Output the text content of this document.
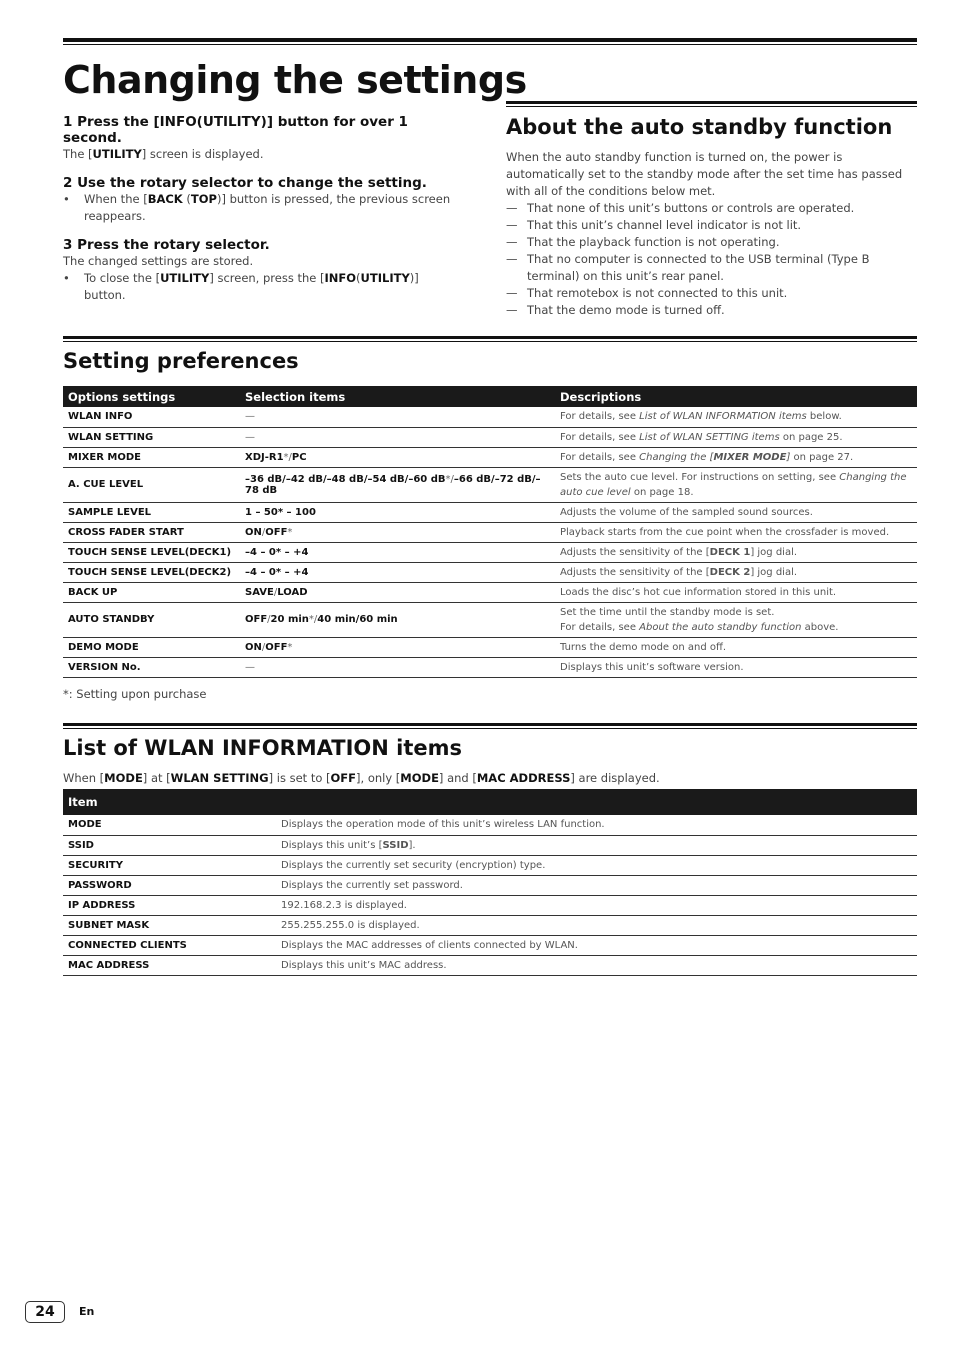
Changing the settings
1 Press the [INFO(UTILITY)] button for over 1 second.
The [UTILITY] screen is displayed.
2 Use the rotary selector to change the setting.
• When the [BACK (TOP)] button is pressed, the previous screen reappears.
3 Press the rotary selector.
The changed settings are stored.
• To close the [UTILITY] screen, press the [INFO(UTILITY)] button.
About the auto standby function
When the auto standby function is turned on, the power is automatically set to the standby mode after the set time has passed with all of the conditions below met.
— That none of this unit’s buttons or controls are operated.
— That this unit’s channel level indicator is not lit.
— That the playback function is not operating.
— That no computer is connected to the USB terminal (Type B terminal) on this unit’s rear panel.
— That remotebox is not connected to this unit.
— That the demo mode is turned off.
Setting preferences
Options settings	Selection items	Descriptions
WLAN INFO	—	For details, see List of WLAN INFORMATION items below.
WLAN SETTING	—	For details, see List of WLAN SETTING items on page 25.
MIXER MODE	XDJ-R1*/PC	For details, see Changing the [MIXER MODE] on page 27.
A. CUE LEVEL	–36 dB/–42 dB/–48 dB/–54 dB/–60 dB*/–66 dB/–72 dB/–78 dB	Sets the auto cue level. For instructions on setting, see Changing the auto cue level on page 18.
SAMPLE LEVEL	1 – 50* – 100	Adjusts the volume of the sampled sound sources.
CROSS FADER START	ON/OFF*	Playback starts from the cue point when the crossfader is moved.
TOUCH SENSE LEVEL(DECK1)	–4 – 0* – +4	Adjusts the sensitivity of the [DECK 1] jog dial.
TOUCH SENSE LEVEL(DECK2)	–4 – 0* – +4	Adjusts the sensitivity of the [DECK 2] jog dial.
BACK UP	SAVE/LOAD	Loads the disc’s hot cue information stored in this unit.
AUTO STANDBY	OFF/20 min*/40 min/60 min	Set the time until the standby mode is set.
For details, see About the auto standby function above.

DEMO MODE	ON/OFF*	Turns the demo mode on and off.
VERSION No.	—	Displays this unit’s software version.
*: Setting upon purchase
List of WLAN INFORMATION items
When [MODE] at [WLAN SETTING] is set to [OFF], only [MODE] and [MAC ADDRESS] are displayed.
Item	
MODE	Displays the operation mode of this unit’s wireless LAN function.
SSID	Displays this unit’s [SSID].
SECURITY	Displays the currently set security (encryption) type.
PASSWORD	Displays the currently set password.
IP ADDRESS	192.168.2.3 is displayed.
SUBNET MASK	255.255.255.0 is displayed.
CONNECTED CLIENTS	Displays the MAC addresses of clients connected by WLAN.
MAC ADDRESS	Displays this unit’s MAC address.
24	En
